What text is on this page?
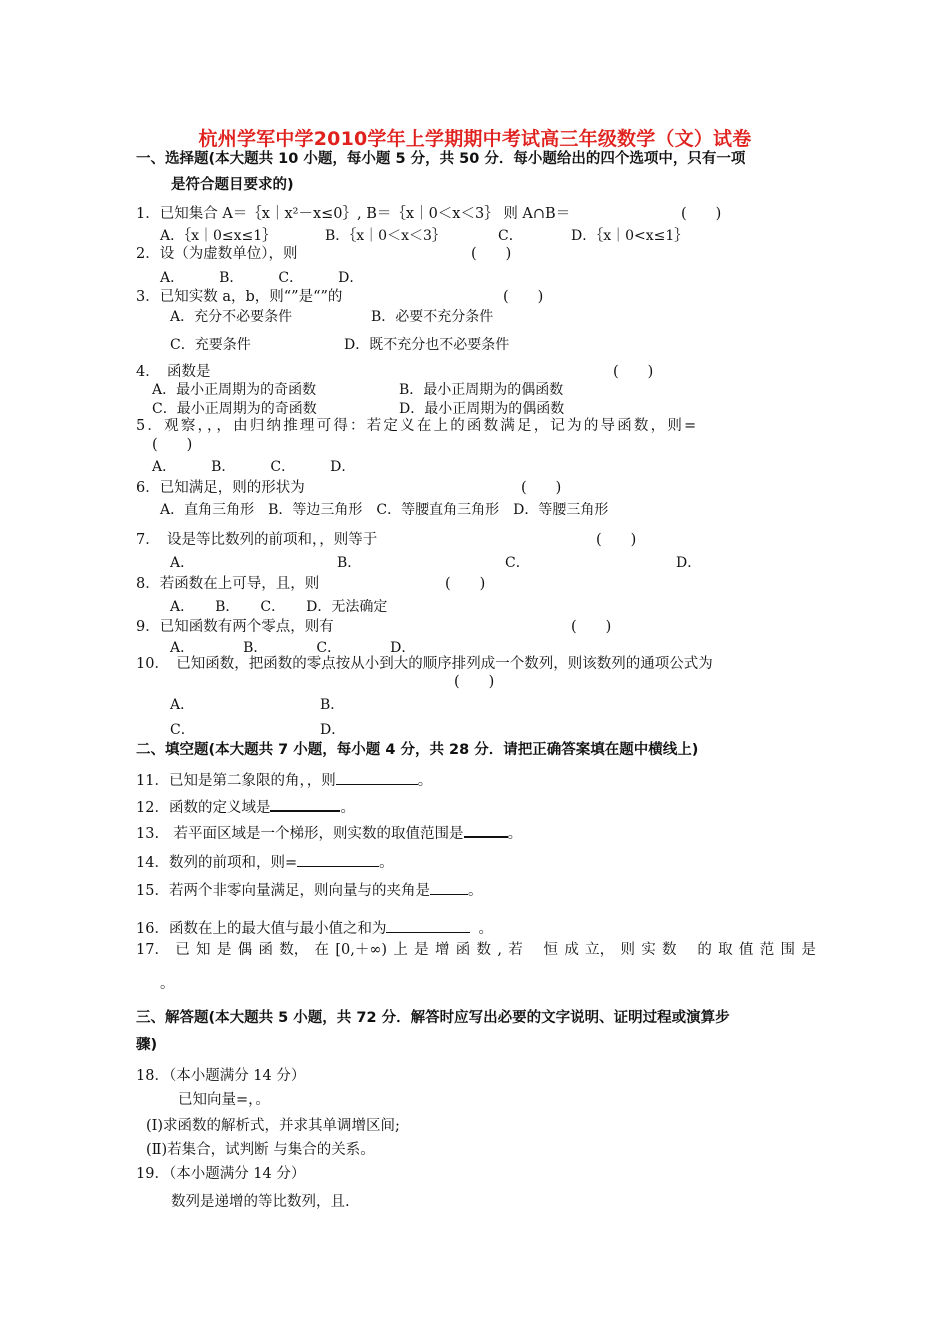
杭州学军中学2010学年上学期期中考试高三年级数学（文）试卷
一、选择题(本大题共 10 小题，每小题 5 分，共 50 分．每小题给出的四个选项中，只有一项
是符合题目要求的)
1．已知集合 A＝｛x｜x²－x≤0｝, B＝｛x｜0＜x＜3｝ 则 A∩B＝	(　　)
A．｛x｜0≤x≤1｝	B．｛x｜0＜x＜3｝	C．	D．｛x｜0<x≤1｝
2．设（为虚数单位），则	(　　)
A．　　　B．　　　C．　　　D．
3．已知实数 a，b，则“”是“”的	(　　)
A．充分不必要条件	B．必要不充分条件
C．充要条件	D．既不充分也不必要条件
4．　函数是	(　　)
A．最小正周期为的奇函数	B．最小正周期为的偶函数
C．最小正周期为的奇函数	D．最小正周期为的偶函数
5．观察，，，由归纳推理可得：若定义在上的函数满足，记为的导函数，则=
(　　)
A．　　　B．　　　C．　　　D．
6．已知满足，则的形状为	(　　)
A．直角三角形　B．等边三角形　C．等腰直角三角形　D．等腰三角形
7．　设是等比数列的前项和，，则等于	(　　)
A．	B．	C．	D．
8．若函数在上可导，且，则	(　　)
A．　　B．　　C．　　D．无法确定
9．已知函数有两个零点，则有	(　　)
A．　　　　B．　　　　C．　　　　D．
10．　已知函数，把函数的零点按从小到大的顺序排列成一个数列，则该数列的通项公式为
(　　)
A．	B．
C．	D．
二、填空题(本大题共 7 小题，每小题 4 分，共 28 分．请把正确答案填在题中横线上)
11．已知是第二象限的角，，则	。
12．函数的定义域是	。
13.　若平面区域是一个梯形，则实数的取值范围是	。
14．数列的前项和，则=	。
15．若两个非零向量满足，则向量与的夹角是	。
16．函数在上的最大值与最小值之和为	。
17． 已 知 是 偶 函 数， 在 [0,＋∞) 上 是 增 函 数 , 若 　恒 成 立， 则 实 数 　的 取 值 范 围 是
。
三、解答题(本大题共 5 小题，共 72 分．解答时应写出必要的文字说明、证明过程或演算步
骤)
18．（本小题满分 14 分）
已知向量=，。
(Ⅰ)求函数的解析式，并求其单调增区间;
(Ⅱ)若集合，试判断 与集合的关系。
19．（本小题满分 14 分）
数列是递增的等比数列，且.
